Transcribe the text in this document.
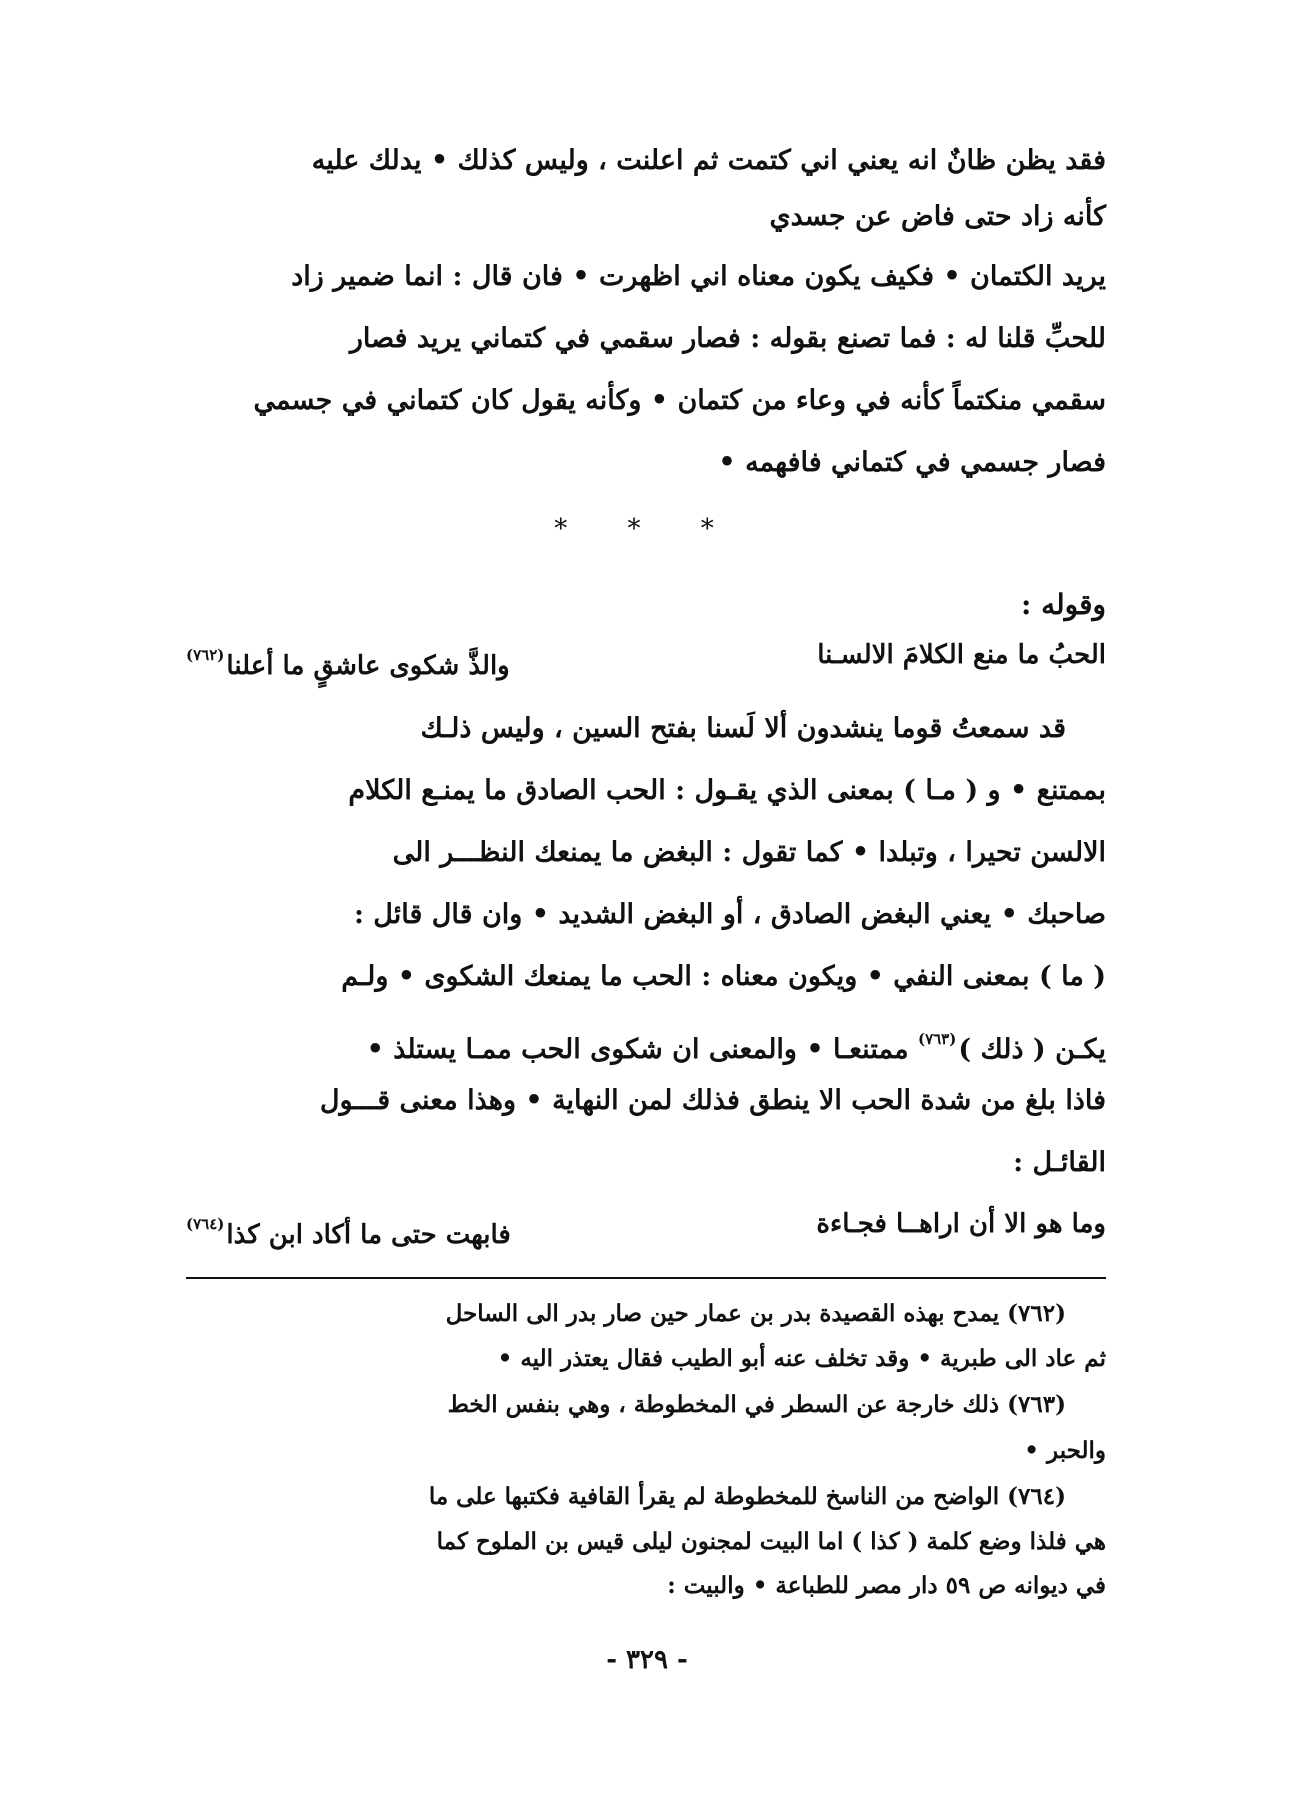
فقد يظن ظانٌ انه يعني اني كتمت ثم اعلنت ، وليس كذلك • يدلك عليه
كأنه زاد حتى فاض عن جسدي
يريد الكتمان • فكيف يكون معناه اني اظهرت • فان قال : انما ضمير زاد
للحبِّ قلنا له : فما تصنع بقوله : فصار سقمي في كتماني يريد فصار
سقمي منكتماً كأنه في وعاء من كتمان • وكأنه يقول كان كتماني في جسمي
فصار جسمي في كتماني فافهمه •
* * *
وقوله :
الحبُ ما منع الكلامَ الالسـنا
والذَّ شكوى عاشقٍ ما أعلنا$^{(٧٦٢)}$
قد سمعتُ قوما ينشدون ألا لَسنا بفتح السين ، وليس ذلـك
بممتنع • و ( مـا ) بمعنى الذي يقـول : الحب الصادق ما يمنـع الكلام
الالسن تحيرا ، وتبلدا • كما تقول : البغض ما يمنعك النظـــر الى
صاحبك • يعني البغض الصادق ، أو البغض الشديد • وان قال قائل :
( ما ) بمعنى النفي • ويكون معناه : الحب ما يمنعك الشكوى • ولـم
يكـن ( ذلك )$^{(٧٦٣)}$ ممتنعـا • والمعنى ان شكوى الحب ممـا يستلذ •
فاذا بلغ من شدة الحب الا ينطق فذلك لمن النهاية • وهذا معنى قـــول
القائـل :
وما هو الا أن اراهــا فجـاءة
فابهت حتى ما أكاد ابن كذا$^{(٧٦٤)}$
(٧٦٢) يمدح بهذه القصيدة بدر بن عمار حين صار بدر الى الساحل
ثم عاد الى طبرية • وقد تخلف عنه أبو الطيب فقال يعتذر اليه •
(٧٦٣) ذلك خارجة عن السطر في المخطوطة ، وهي بنفس الخط
والحبر •
(٧٦٤) الواضح من الناسخ للمخطوطة لم يقرأ القافية فكتبها على ما
هي فلذا وضع كلمة ( كذا ) اما البيت لمجنون ليلى قيس بن الملوح كما
في ديوانه ص ٥٩ دار مصر للطباعة • والبيت :
- ٣٢٩ -
